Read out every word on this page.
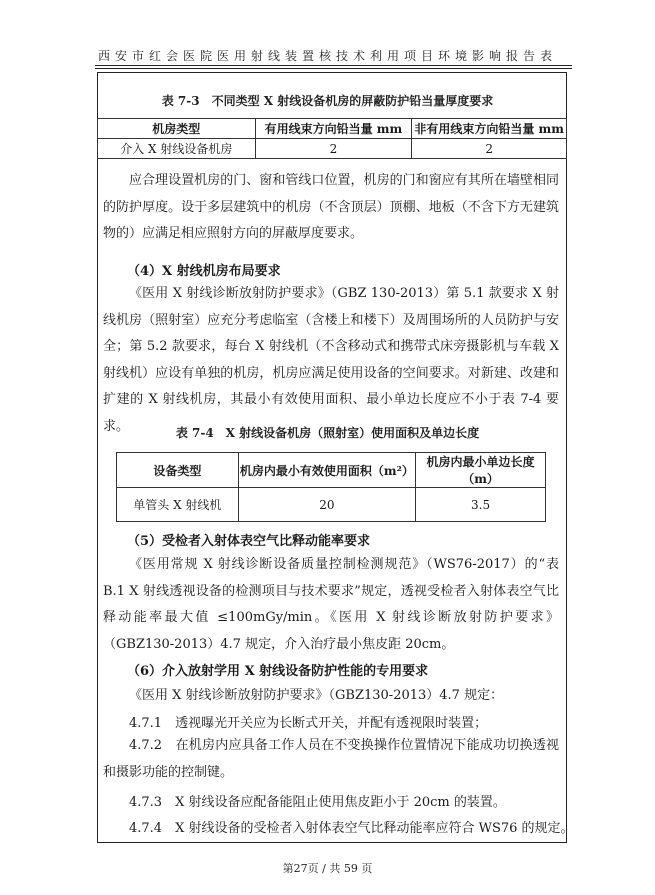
西安市红会医院医用射线装置核技术利用项目环境影响报告表
表 7-3　不同类型 X 射线设备机房的屏蔽防护铅当量厚度要求
机房类型	有用线束方向铅当量 mm	非有用线束方向铅当量 mm
介入 X 射线设备机房	2	2

应合理设置机房的门、窗和管线口位置，机房的门和窗应有其所在墙壁相同的防护厚度。设于多层建筑中的机房（不含顶层）顶棚、地板（不含下方无建筑物的）应满足相应照射方向的屏蔽厚度要求。

（4）X 射线机房布局要求

《医用 X 射线诊断放射防护要求》（GBZ 130-2013）第 5.1 款要求 X 射线机房（照射室）应充分考虑临室（含楼上和楼下）及周围场所的人员防护与安全；第 5.2 款要求，每台 X 射线机（不含移动式和携带式床旁摄影机与车载 X 射线机）应设有单独的机房，机房应满足使用设备的空间要求。对新建、改建和扩建的 X 射线机房，其最小有效使用面积、最小单边长度应不小于表 7-4 要求。	表 7-4　X 射线设备机房（照射室）使用面积及单边长度
设备类型	机房内最小有效使用面积（m²）	机房内最小单边长度（m）
单管头 X 射线机	20	3.5
（5）受检者入射体表空气比释动能率要求

《医用常规 X 射线诊断设备质量控制检测规范》（WS76-2017）的“表 B.1 X 射线透视设备的检测项目与技术要求”规定，透视受检者入射体表空气比释动能率最大值 ≤100mGy/min。《医用 X 射线诊断放射防护要求》（GBZ130-2013）4.7 规定，介入治疗最小焦皮距 20cm。

（6）介入放射学用 X 射线设备防护性能的专用要求
《医用 X 射线诊断放射防护要求》（GBZ130-2013）4.7 规定：
4.7.1　透视曝光开关应为长断式开关，并配有透视限时装置；

4.7.2　在机房内应具备工作人员在不变换操作位置情况下能成功切换透视和摄影功能的控制键。

4.7.3　X 射线设备应配备能阻止使用焦皮距小于 20cm 的装置。
4.7.4　X 射线设备的受检者入射体表空气比释动能率应符合 WS76 的规定。
第27页 / 共 59 页
